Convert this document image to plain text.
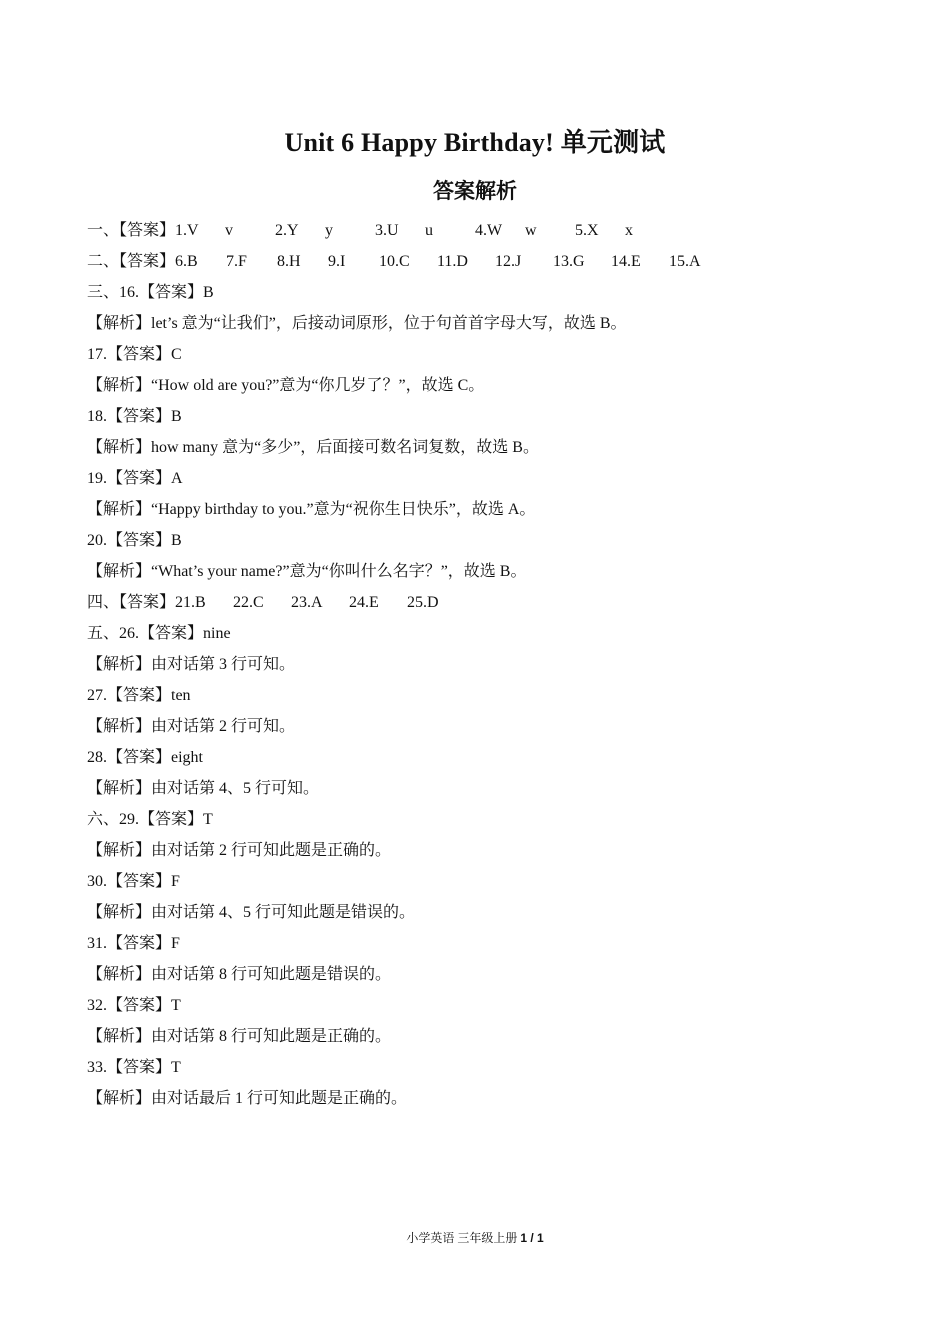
Unit 6 Happy Birthday! 单元测试
答案解析
一、【答案】1.V v	2.Y y	3.U u	4.W w 5.X x
二、【答案】6.B 7.F 8.H 9.I 10.C 11.D 12.J 13.G 14.E 15.A
三、16.【答案】B
【解析】let’s 意为“让我们”，后接动词原形，位于句首首字母大写，故选 B。
17.【答案】C
【解析】“How old are you?”意为“你几岁了？”，故选 C。
18.【答案】B
【解析】how many 意为“多少”，后面接可数名词复数，故选 B。
19.【答案】A
【解析】“Happy birthday to you.”意为“祝你生日快乐”，故选 A。
20.【答案】B
【解析】“What’s your name?”意为“你叫什么名字？”，故选 B。
四、【答案】21.B 22.C 23.A 24.E 25.D
五、26.【答案】nine
【解析】由对话第 3 行可知。
27.【答案】ten
【解析】由对话第 2 行可知。
28.【答案】eight
【解析】由对话第 4、5 行可知。
六、29.【答案】T
【解析】由对话第 2 行可知此题是正确的。
30.【答案】F
【解析】由对话第 4、5 行可知此题是错误的。
31.【答案】F
【解析】由对话第 8 行可知此题是错误的。
32.【答案】T
【解析】由对话第 8 行可知此题是正确的。
33.【答案】T
【解析】由对话最后 1 行可知此题是正确的。
小学英语 三年级上册 1 / 1
